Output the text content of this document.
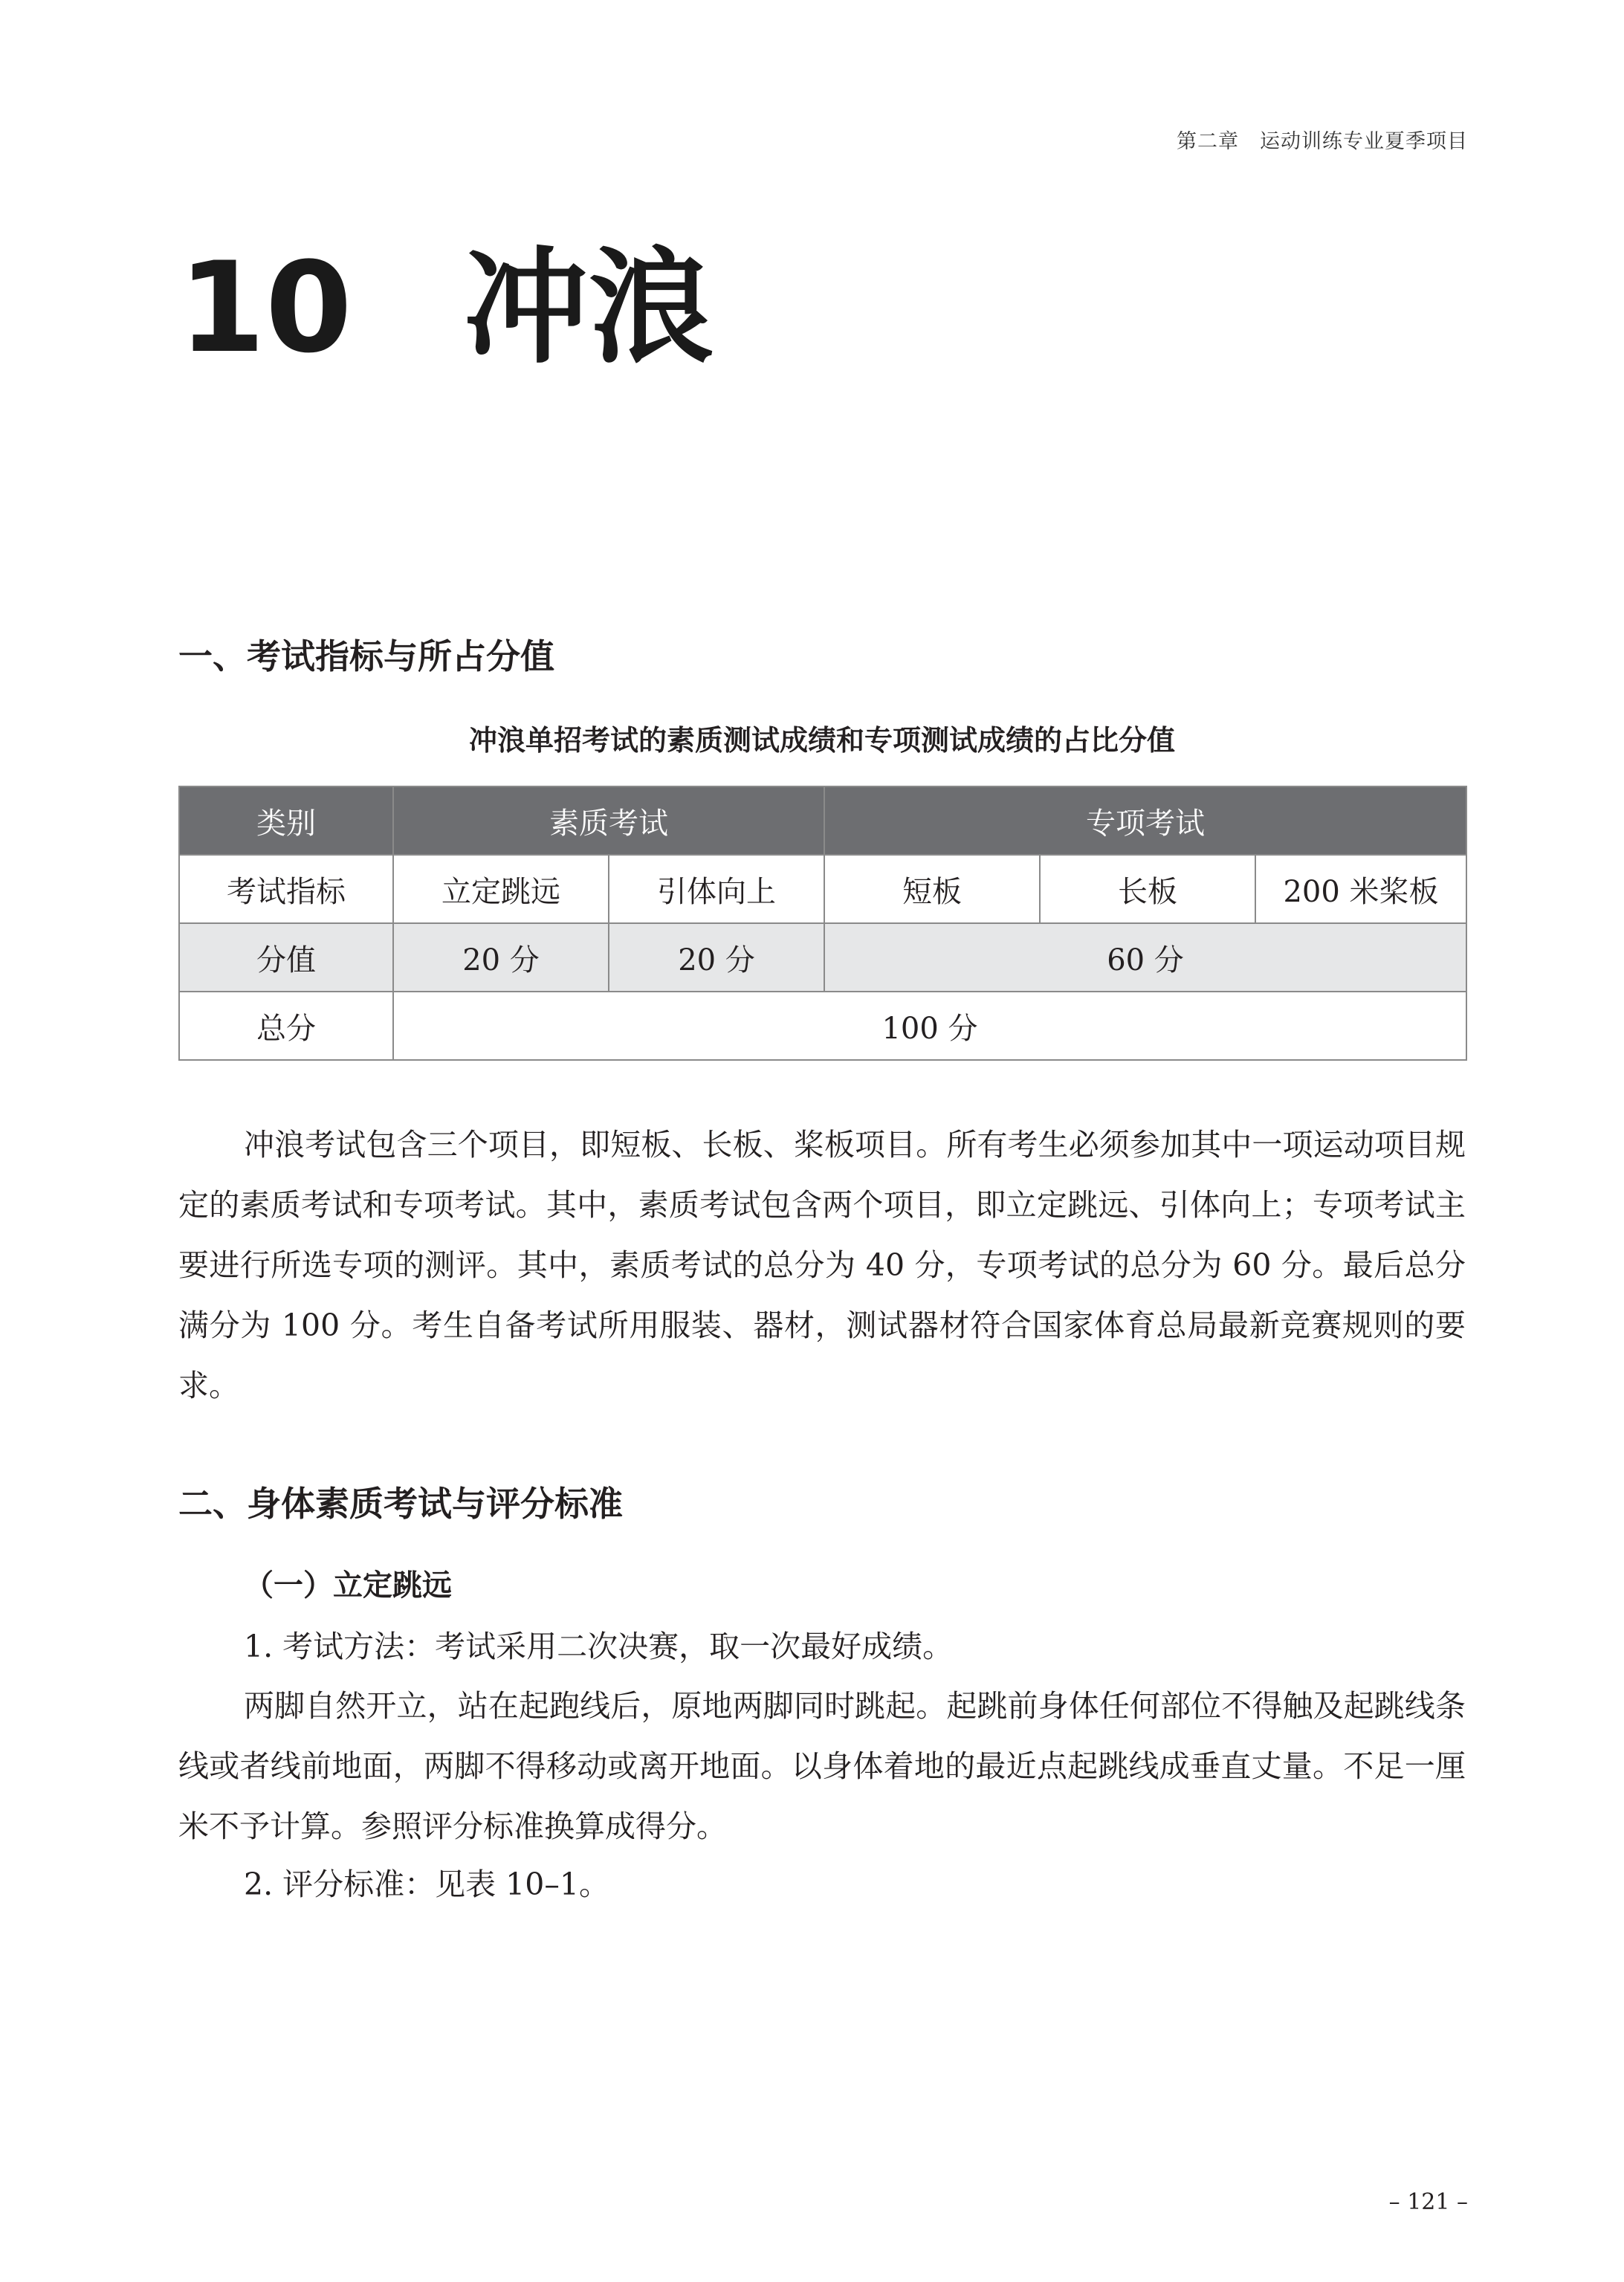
第二章　运动训练专业夏季项目
10 冲浪
一、考试指标与所占分值
冲浪单招考试的素质测试成绩和专项测试成绩的占比分值
类别	素质考试		专项考试		
考试指标	立定跳远	引体向上	短板	长板	200 米桨板
分值	20 分	20 分	60 分		
总分	100 分				

冲浪考试包含三个项目，即短板、长板、桨板项目。所有考生必须参加其中一项运动项目规定的素质考试和专项考试。其中，素质考试包含两个项目，即立定跳远、引体向上；专项考试主要进行所选专项的测评。其中，素质考试的总分为 40 分，专项考试的总分为 60 分。最后总分满分为 100 分。考生自备考试所用服装、器材，测试器材符合国家体育总局最新竞赛规则的要求。

二、身体素质考试与评分标准
（一）立定跳远

1. 考试方法：考试采用二次决赛，取一次最好成绩。

两脚自然开立，站在起跑线后，原地两脚同时跳起。起跳前身体任何部位不得触及起跳线条线或者线前地面，两脚不得移动或离开地面。以身体着地的最近点起跳线成垂直丈量。不足一厘米不予计算。参照评分标准换算成得分。

2. 评分标准：见表 10–1。

– 121 –
